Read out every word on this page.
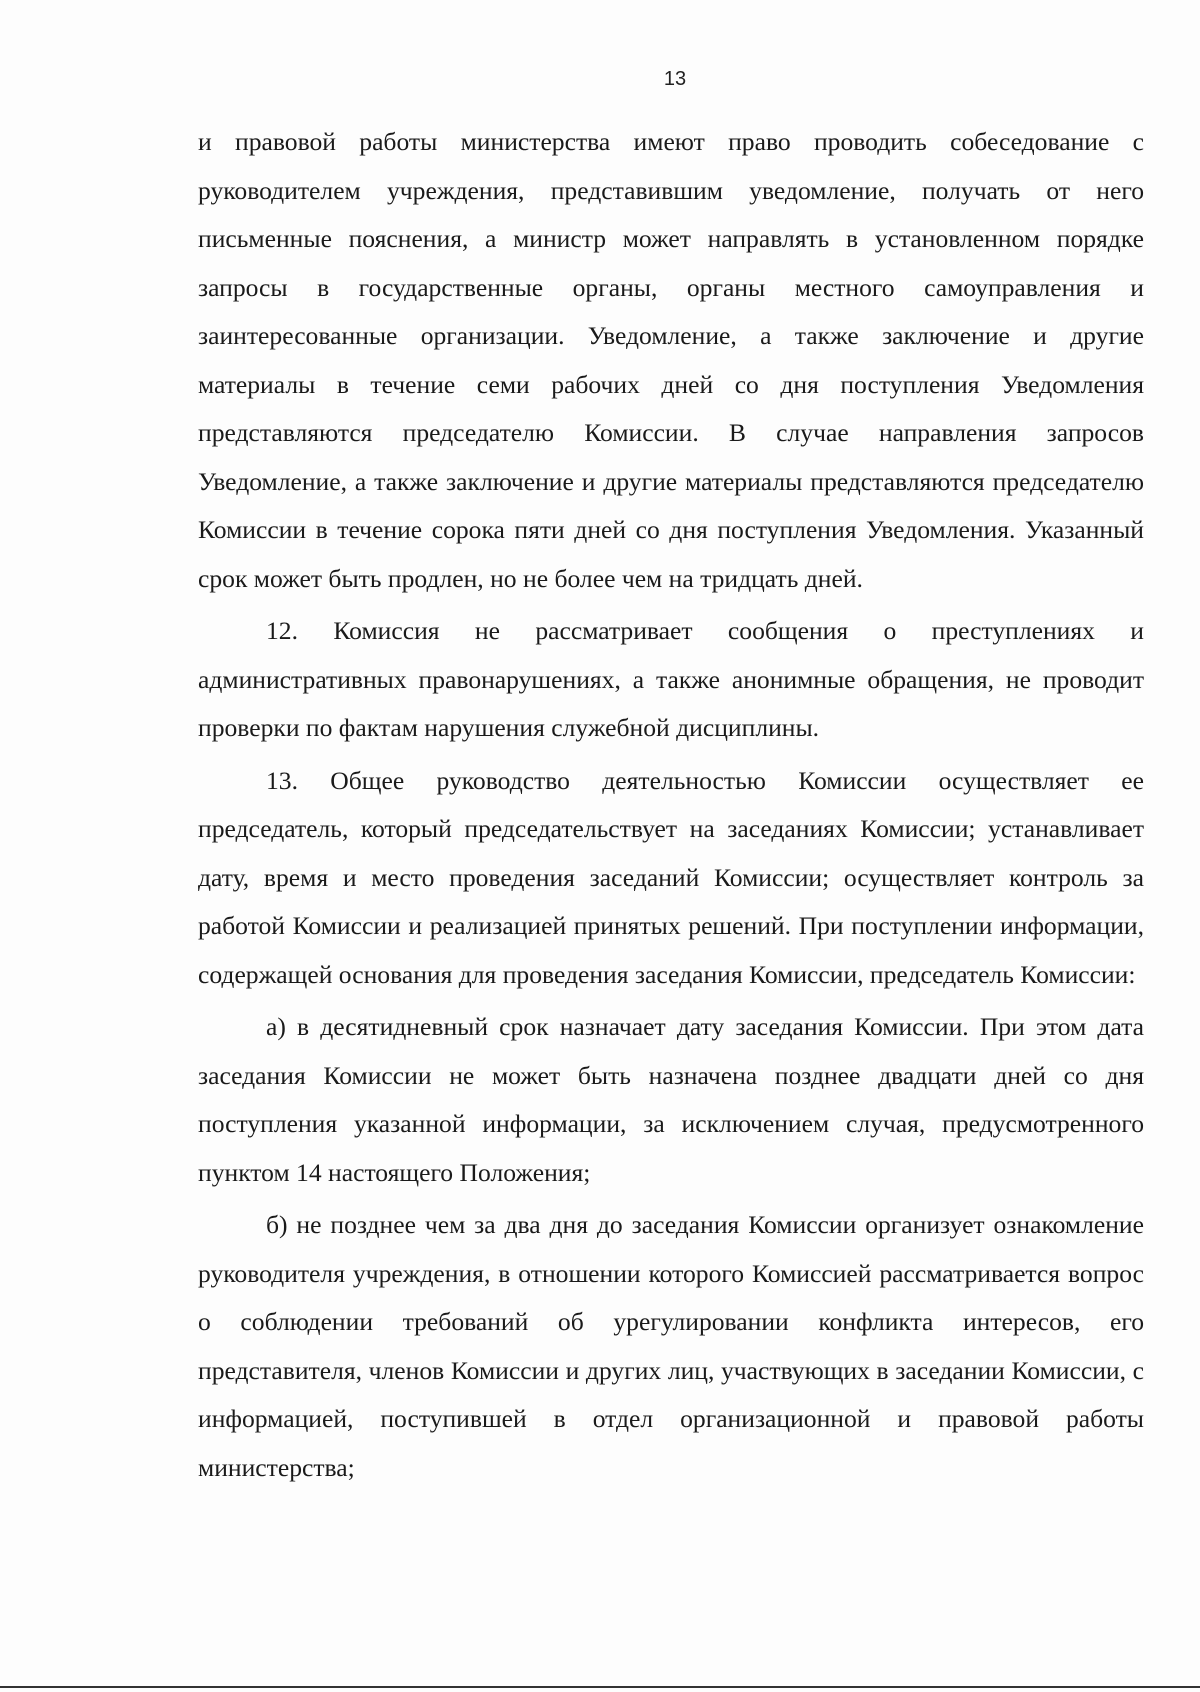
13

и правовой работы министерства имеют право проводить собеседование с руководителем учреждения, представившим уведомление, получать от него письменные пояснения, а министр может направлять в установленном порядке запросы в государственные органы, органы местного самоуправления и заинтересованные организации. Уведомление, а также заключение и другие материалы в течение семи рабочих дней со дня поступления Уведомления представляются председателю Комиссии. В случае направления запросов Уведомление, а также заключение и другие материалы представляются председателю Комиссии в течение сорока пяти дней со дня поступления Уведомления. Указанный срок может быть продлен, но не более чем на тридцать дней.

12. Комиссия не рассматривает сообщения о преступлениях и административных правонарушениях, а также анонимные обращения, не проводит проверки по фактам нарушения служебной дисциплины.

13. Общее руководство деятельностью Комиссии осуществляет ее председатель, который председательствует на заседаниях Комиссии; устанавливает дату, время и место проведения заседаний Комиссии; осуществляет контроль за работой Комиссии и реализацией принятых решений. При поступлении информации, содержащей основания для проведения заседания Комиссии, председатель Комиссии:

а) в десятидневный срок назначает дату заседания Комиссии. При этом дата заседания Комиссии не может быть назначена позднее двадцати дней со дня поступления указанной информации, за исключением случая, предусмотренного пунктом 14 настоящего Положения;

б) не позднее чем за два дня до заседания Комиссии организует ознакомление руководителя учреждения, в отношении которого Комиссией рассматривается вопрос о соблюдении требований об урегулировании конфликта интересов, его представителя, членов Комиссии и других лиц, участвующих в заседании Комиссии, с информацией, поступившей в отдел организационной и правовой работы министерства;
